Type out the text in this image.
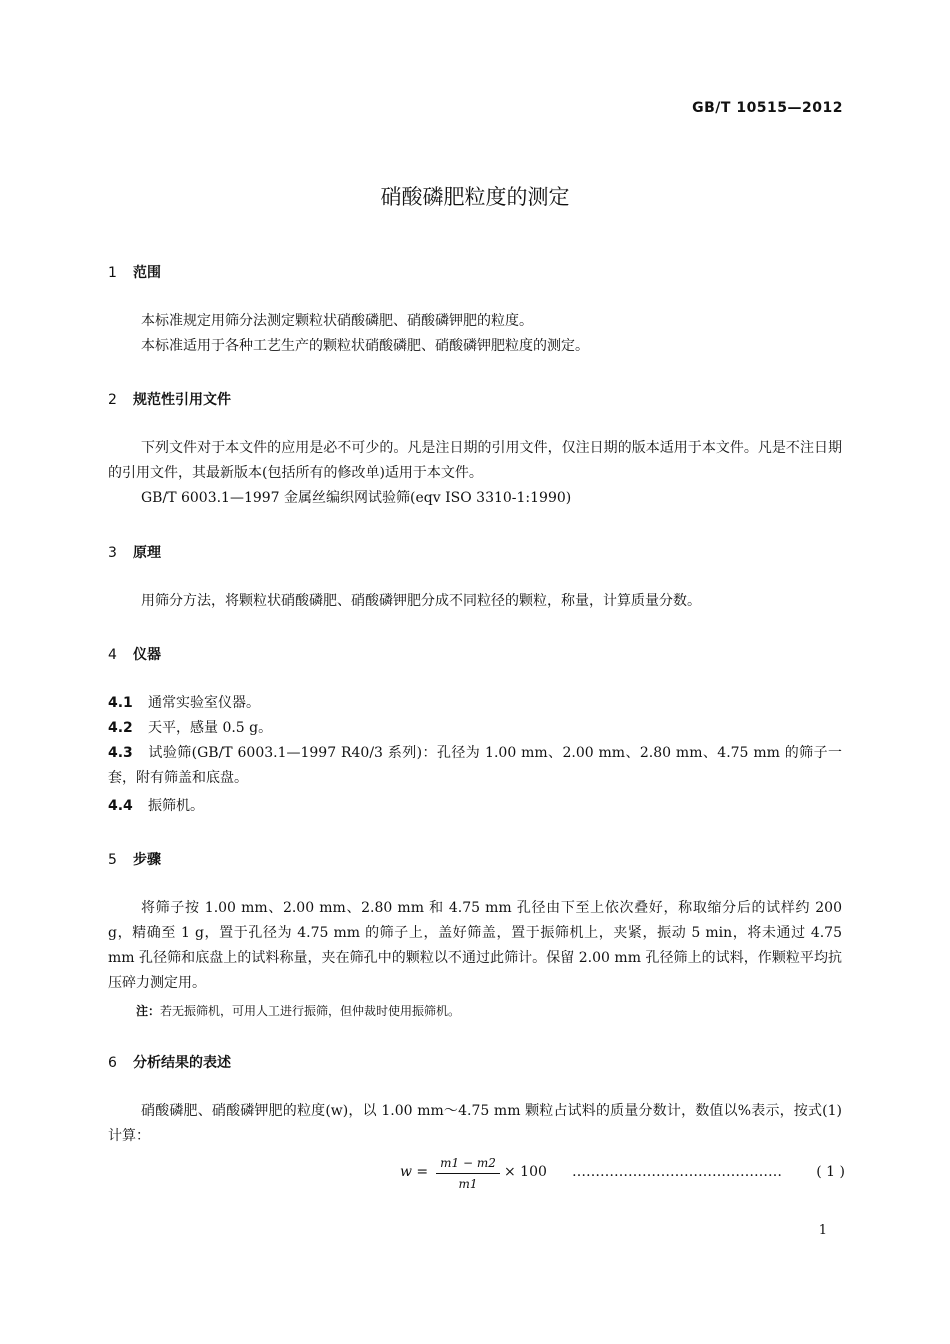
GB/T 10515—2012
硝酸磷肥粒度的测定
1 范围
本标准规定用筛分法测定颗粒状硝酸磷肥、硝酸磷钾肥的粒度。
本标准适用于各种工艺生产的颗粒状硝酸磷肥、硝酸磷钾肥粒度的测定。
2 规范性引用文件
下列文件对于本文件的应用是必不可少的。凡是注日期的引用文件，仅注日期的版本适用于本文件。凡是不注日期的引用文件，其最新版本(包括所有的修改单)适用于本文件。
GB/T 6003.1—1997 金属丝编织网试验筛(eqv ISO 3310-1:1990)
3 原理
用筛分方法，将颗粒状硝酸磷肥、硝酸磷钾肥分成不同粒径的颗粒，称量，计算质量分数。
4 仪器
4.1 通常实验室仪器。
4.2 天平，感量 0.5 g。
4.3 试验筛(GB/T 6003.1—1997 R40/3 系列)：孔径为 1.00 mm、2.00 mm、2.80 mm、4.75 mm 的筛子一套，附有筛盖和底盘。
4.4 振筛机。
5 步骤
将筛子按 1.00 mm、2.00 mm、2.80 mm 和 4.75 mm 孔径由下至上依次叠好，称取缩分后的试样约 200 g，精确至 1 g，置于孔径为 4.75 mm 的筛子上，盖好筛盖，置于振筛机上，夹紧，振动 5 min，将未通过 4.75 mm 孔径筛和底盘上的试料称量，夹在筛孔中的颗粒以不通过此筛计。保留 2.00 mm 孔径筛上的试料，作颗粒平均抗压碎力测定用。
注：若无振筛机，可用人工进行振筛，但仲裁时使用振筛机。
6 分析结果的表述
硝酸磷肥、硝酸磷钾肥的粒度(w)，以 1.00 mm～4.75 mm 颗粒占试料的质量分数计，数值以%表示，按式(1)计算：
w =
m1 − m2
m1
× 100 ……………………………………… ( 1 )
1
